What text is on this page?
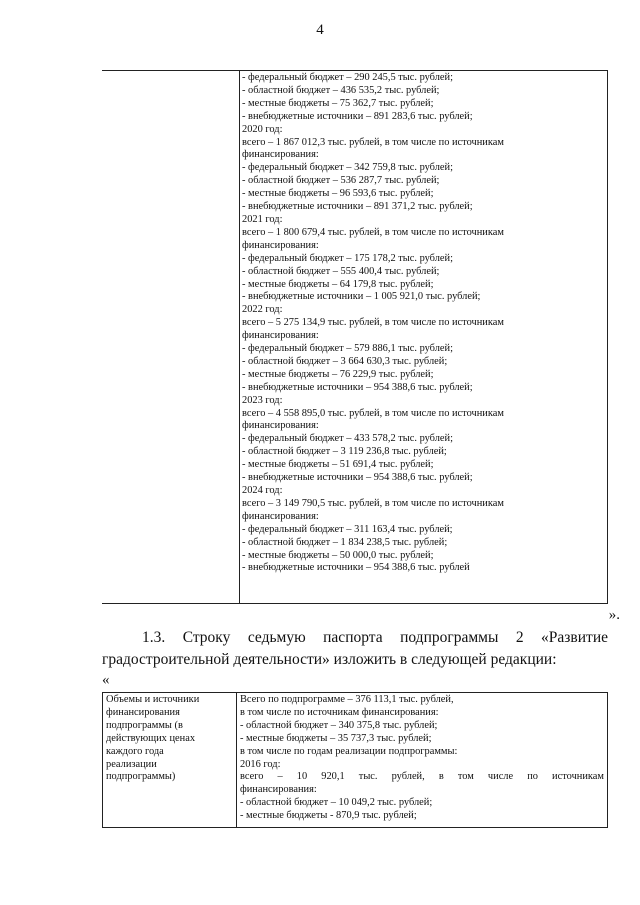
4
- федеральный бюджет – 290 245,5 тыс. рублей;
- областной бюджет – 436 535,2 тыс. рублей;
- местные бюджеты – 75 362,7 тыс. рублей;
- внебюджетные источники – 891 283,6 тыс. рублей;
2020 год:
всего – 1 867 012,3 тыс. рублей, в том числе по источникам
финансирования:
- федеральный бюджет – 342 759,8 тыс. рублей;
- областной бюджет – 536 287,7 тыс. рублей;
- местные бюджеты – 96 593,6 тыс. рублей;
- внебюджетные источники – 891 371,2 тыс. рублей;
2021 год:
всего – 1 800 679,4 тыс. рублей, в том числе по источникам
финансирования:
- федеральный бюджет – 175 178,2 тыс. рублей;
- областной бюджет – 555 400,4 тыс. рублей;
- местные бюджеты – 64 179,8 тыс. рублей;
- внебюджетные источники – 1 005 921,0 тыс. рублей;
2022 год:
всего – 5 275 134,9 тыс. рублей, в том числе по источникам
финансирования:
- федеральный бюджет – 579 886,1 тыс. рублей;
- областной бюджет – 3 664 630,3 тыс. рублей;
- местные бюджеты – 76 229,9 тыс. рублей;
- внебюджетные источники – 954 388,6 тыс. рублей;
2023 год:
всего – 4 558 895,0 тыс. рублей, в том числе по источникам
финансирования:
- федеральный бюджет – 433 578,2 тыс. рублей;
- областной бюджет – 3 119 236,8 тыс. рублей;
- местные бюджеты – 51 691,4 тыс. рублей;
- внебюджетные источники – 954 388,6 тыс. рублей;
2024 год:
всего – 3 149 790,5 тыс. рублей, в том числе по источникам
финансирования:
- федеральный бюджет – 311 163,4 тыс. рублей;
- областной бюджет – 1 834 238,5 тыс. рублей;
- местные бюджеты – 50 000,0 тыс. рублей;
- внебюджетные источники – 954 388,6 тыс. рублей
».
1.3. Строку седьмую паспорта подпрограммы 2 «Развитие
градостроительной деятельности» изложить в следующей редакции:
«
Объемы и источники
финансирования
подпрограммы (в
действующих ценах
каждого года
реализации
подпрограммы)
Всего по подпрограмме – 376 113,1 тыс. рублей,
в том числе по источникам финансирования:
- областной бюджет – 340 375,8 тыс. рублей;
- местные бюджеты – 35 737,3 тыс. рублей;
в том числе по годам реализации подпрограммы:
2016 год:
всего – 10 920,1 тыс. рублей, в том числе по источникам
финансирования:
- областной бюджет – 10 049,2 тыс. рублей;
- местные бюджеты - 870,9 тыс. рублей;
